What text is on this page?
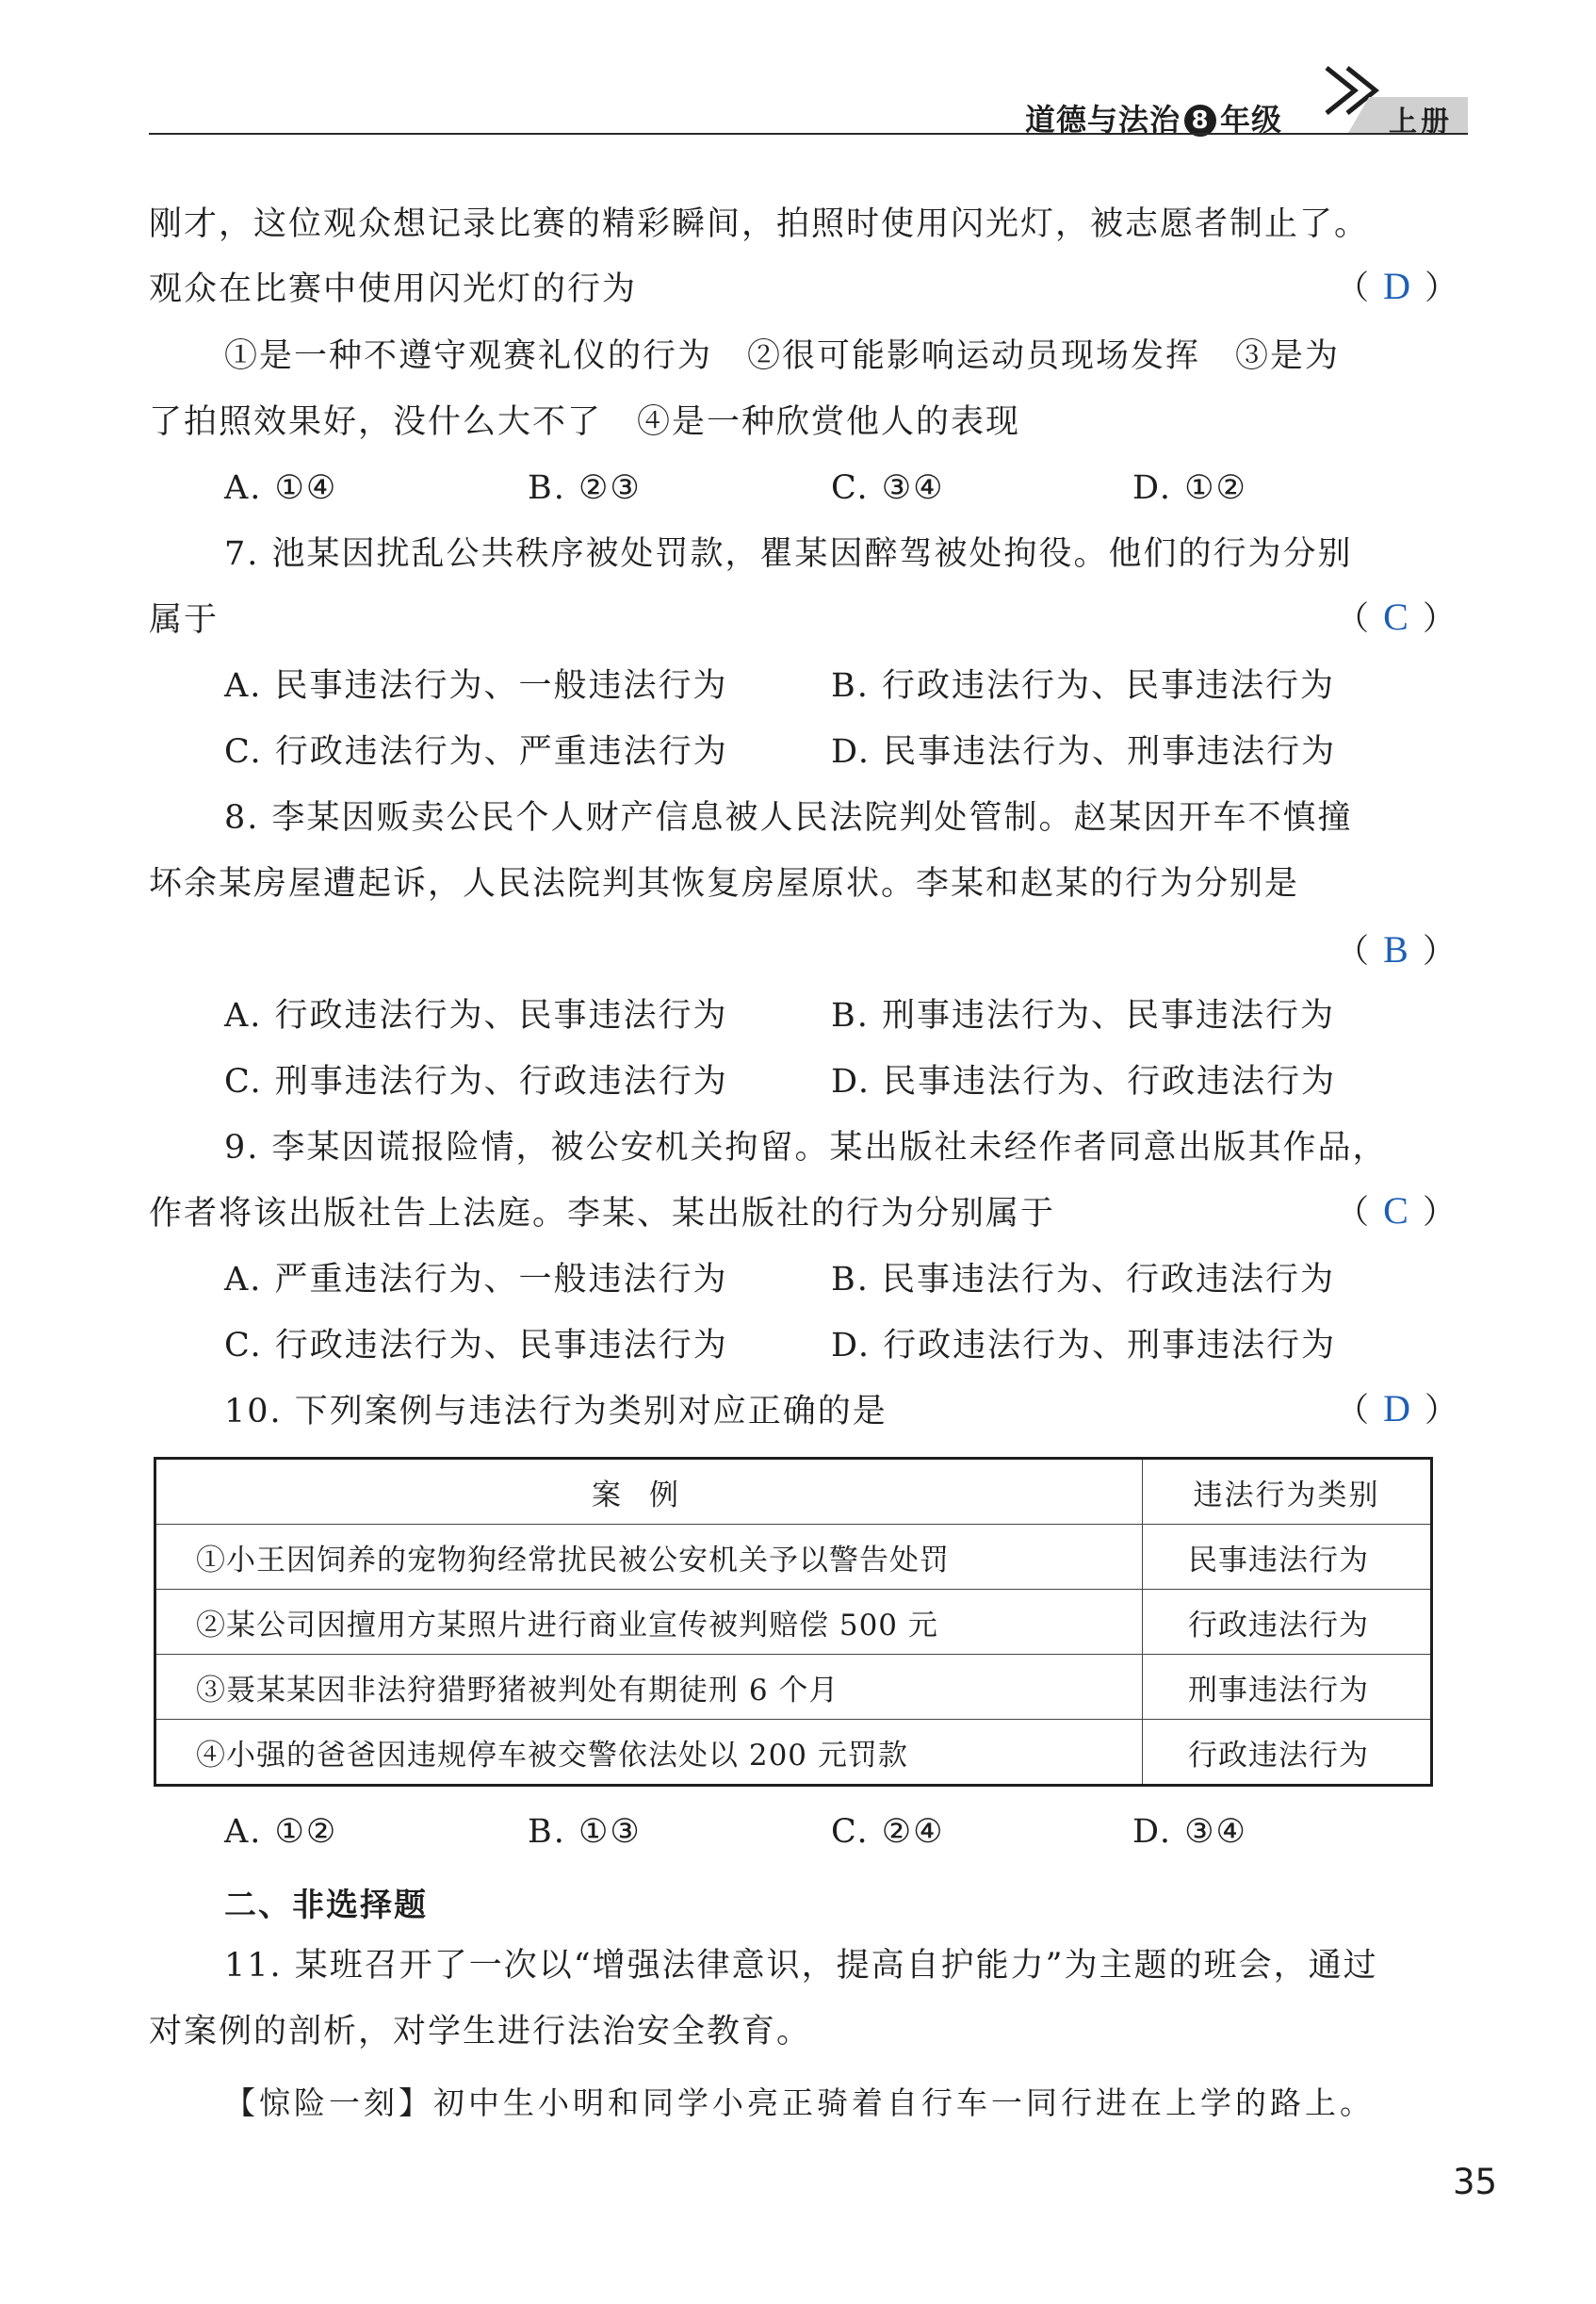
道德与法治 8 年级	上册
刚才，这位观众想记录比赛的精彩瞬间，拍照时使用闪光灯，被志愿者制止了。
观众在比赛中使用闪光灯的行为	（ D ）
①是一种不遵守观赛礼仪的行为　②很可能影响运动员现场发挥　③是为
了拍照效果好，没什么大不了　④是一种欣赏他人的表现
A. ①④	B. ②③	C. ③④	D. ①②
7. 池某因扰乱公共秩序被处罚款，瞿某因醉驾被处拘役。他们的行为分别
属于	（ C ）
A. 民事违法行为、一般违法行为	B. 行政违法行为、民事违法行为
C. 行政违法行为、严重违法行为	D. 民事违法行为、刑事违法行为
8. 李某因贩卖公民个人财产信息被人民法院判处管制。赵某因开车不慎撞
坏余某房屋遭起诉，人民法院判其恢复房屋原状。李某和赵某的行为分别是
（ B ）
A. 行政违法行为、民事违法行为	B. 刑事违法行为、民事违法行为
C. 刑事违法行为、行政违法行为	D. 民事违法行为、行政违法行为
9. 李某因谎报险情，被公安机关拘留。某出版社未经作者同意出版其作品，
作者将该出版社告上法庭。李某、某出版社的行为分别属于	（ C ）
A. 严重违法行为、一般违法行为	B. 民事违法行为、行政违法行为
C. 行政违法行为、民事违法行为	D. 行政违法行为、刑事违法行为
10. 下列案例与违法行为类别对应正确的是	（ D ）
案例	违法行为类别
①小王因饲养的宠物狗经常扰民被公安机关予以警告处罚	民事违法行为
②某公司因擅用方某照片进行商业宣传被判赔偿 500 元	行政违法行为
③聂某某因非法狩猎野猪被判处有期徒刑 6 个月	刑事违法行为
④小强的爸爸因违规停车被交警依法处以 200 元罚款	行政违法行为
A. ①②	B. ①③	C. ②④	D. ③④
二、非选择题
11. 某班召开了一次以“增强法律意识，提高自护能力”为主题的班会，通过
对案例的剖析，对学生进行法治安全教育。
【惊险一刻】初中生小明和同学小亮正骑着自行车一同行进在上学的路上。
35
